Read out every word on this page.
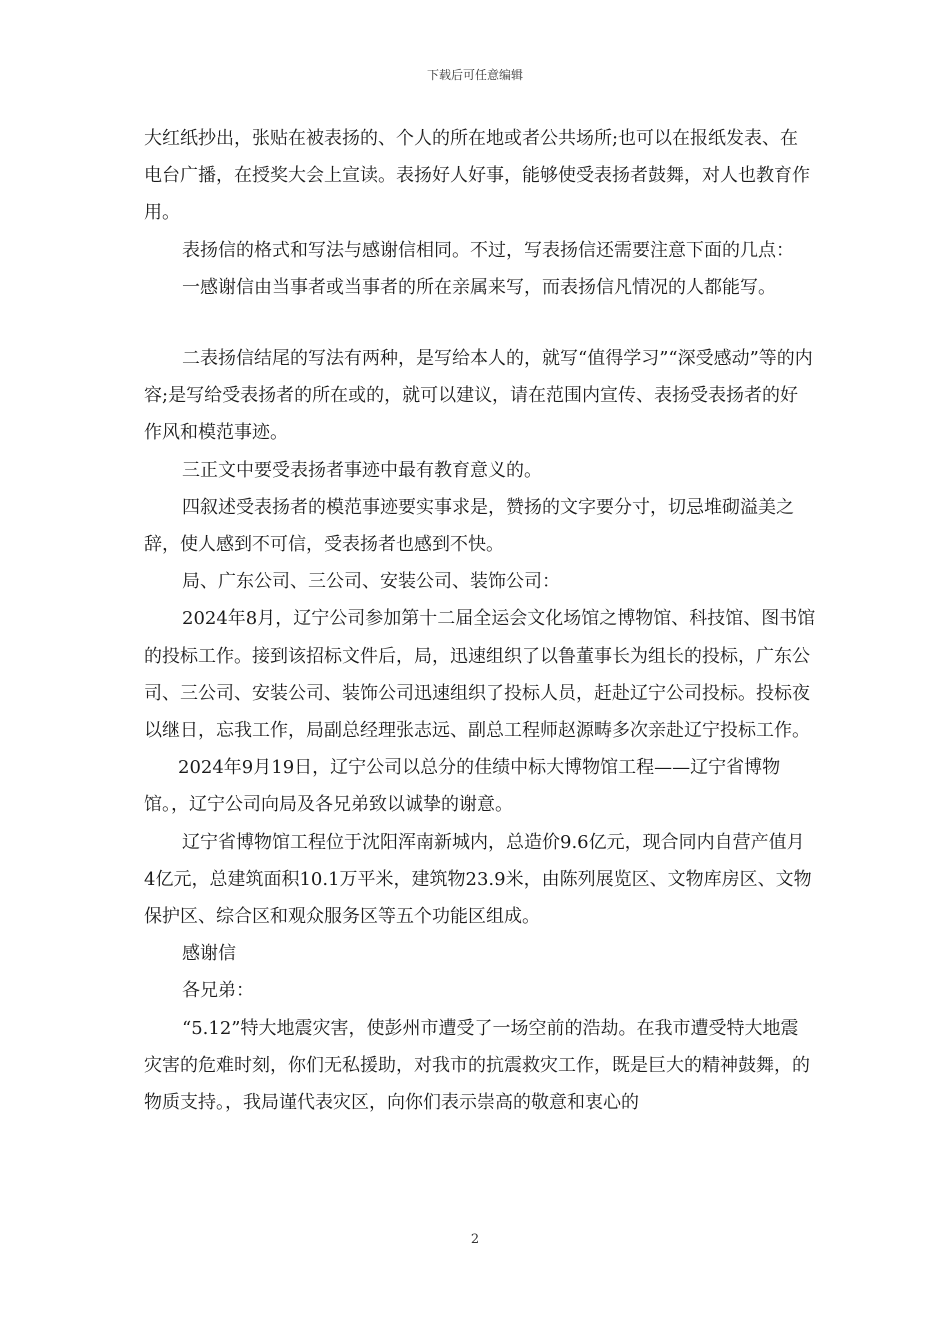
下载后可任意编辑

大红纸抄出，张贴在被表扬的、个人的所在地或者公共场所;也可以在报纸发表、在电台广播，在授奖大会上宣读。表扬好人好事，能够使受表扬者鼓舞，对人也教育作用。

表扬信的格式和写法与感谢信相同。不过，写表扬信还需要注意下面的几点：

一感谢信由当事者或当事者的所在亲属来写，而表扬信凡情况的人都能写。

二表扬信结尾的写法有两种，是写给本人的，就写“值得学习”“深受感动”等的内容;是写给受表扬者的所在或的，就可以建议，请在范围内宣传、表扬受表扬者的好作风和模范事迹。

三正文中要受表扬者事迹中最有教育意义的。

四叙述受表扬者的模范事迹要实事求是，赞扬的文字要分寸，切忌堆砌溢美之辞，使人感到不可信，受表扬者也感到不快。

局、广东公司、三公司、安装公司、装饰公司：

2024年8月，辽宁公司参加第十二届全运会文化场馆之博物馆、科技馆、图书馆的投标工作。接到该招标文件后，局，迅速组织了以鲁董事长为组长的投标，广东公司、三公司、安装公司、装饰公司迅速组织了投标人员，赶赴辽宁公司投标。投标夜以继日，忘我工作，局副总经理张志远、副总工程师赵源畴多次亲赴辽宁投标工作。

2024年9月19日，辽宁公司以总分的佳绩中标大博物馆工程——辽宁省博物馆。，辽宁公司向局及各兄弟致以诚挚的谢意。

辽宁省博物馆工程位于沈阳浑南新城内，总造价9.6亿元，现合同内自营产值月4亿元，总建筑面积10.1万平米，建筑物23.9米，由陈列展览区、文物库房区、文物保护区、综合区和观众服务区等五个功能区组成。

感谢信

各兄弟：

“5.12”特大地震灾害，使彭州市遭受了一场空前的浩劫。在我市遭受特大地震灾害的危难时刻，你们无私援助，对我市的抗震救灾工作，既是巨大的精神鼓舞，的物质支持。，我局谨代表灾区，向你们表示崇高的敬意和衷心的

2
